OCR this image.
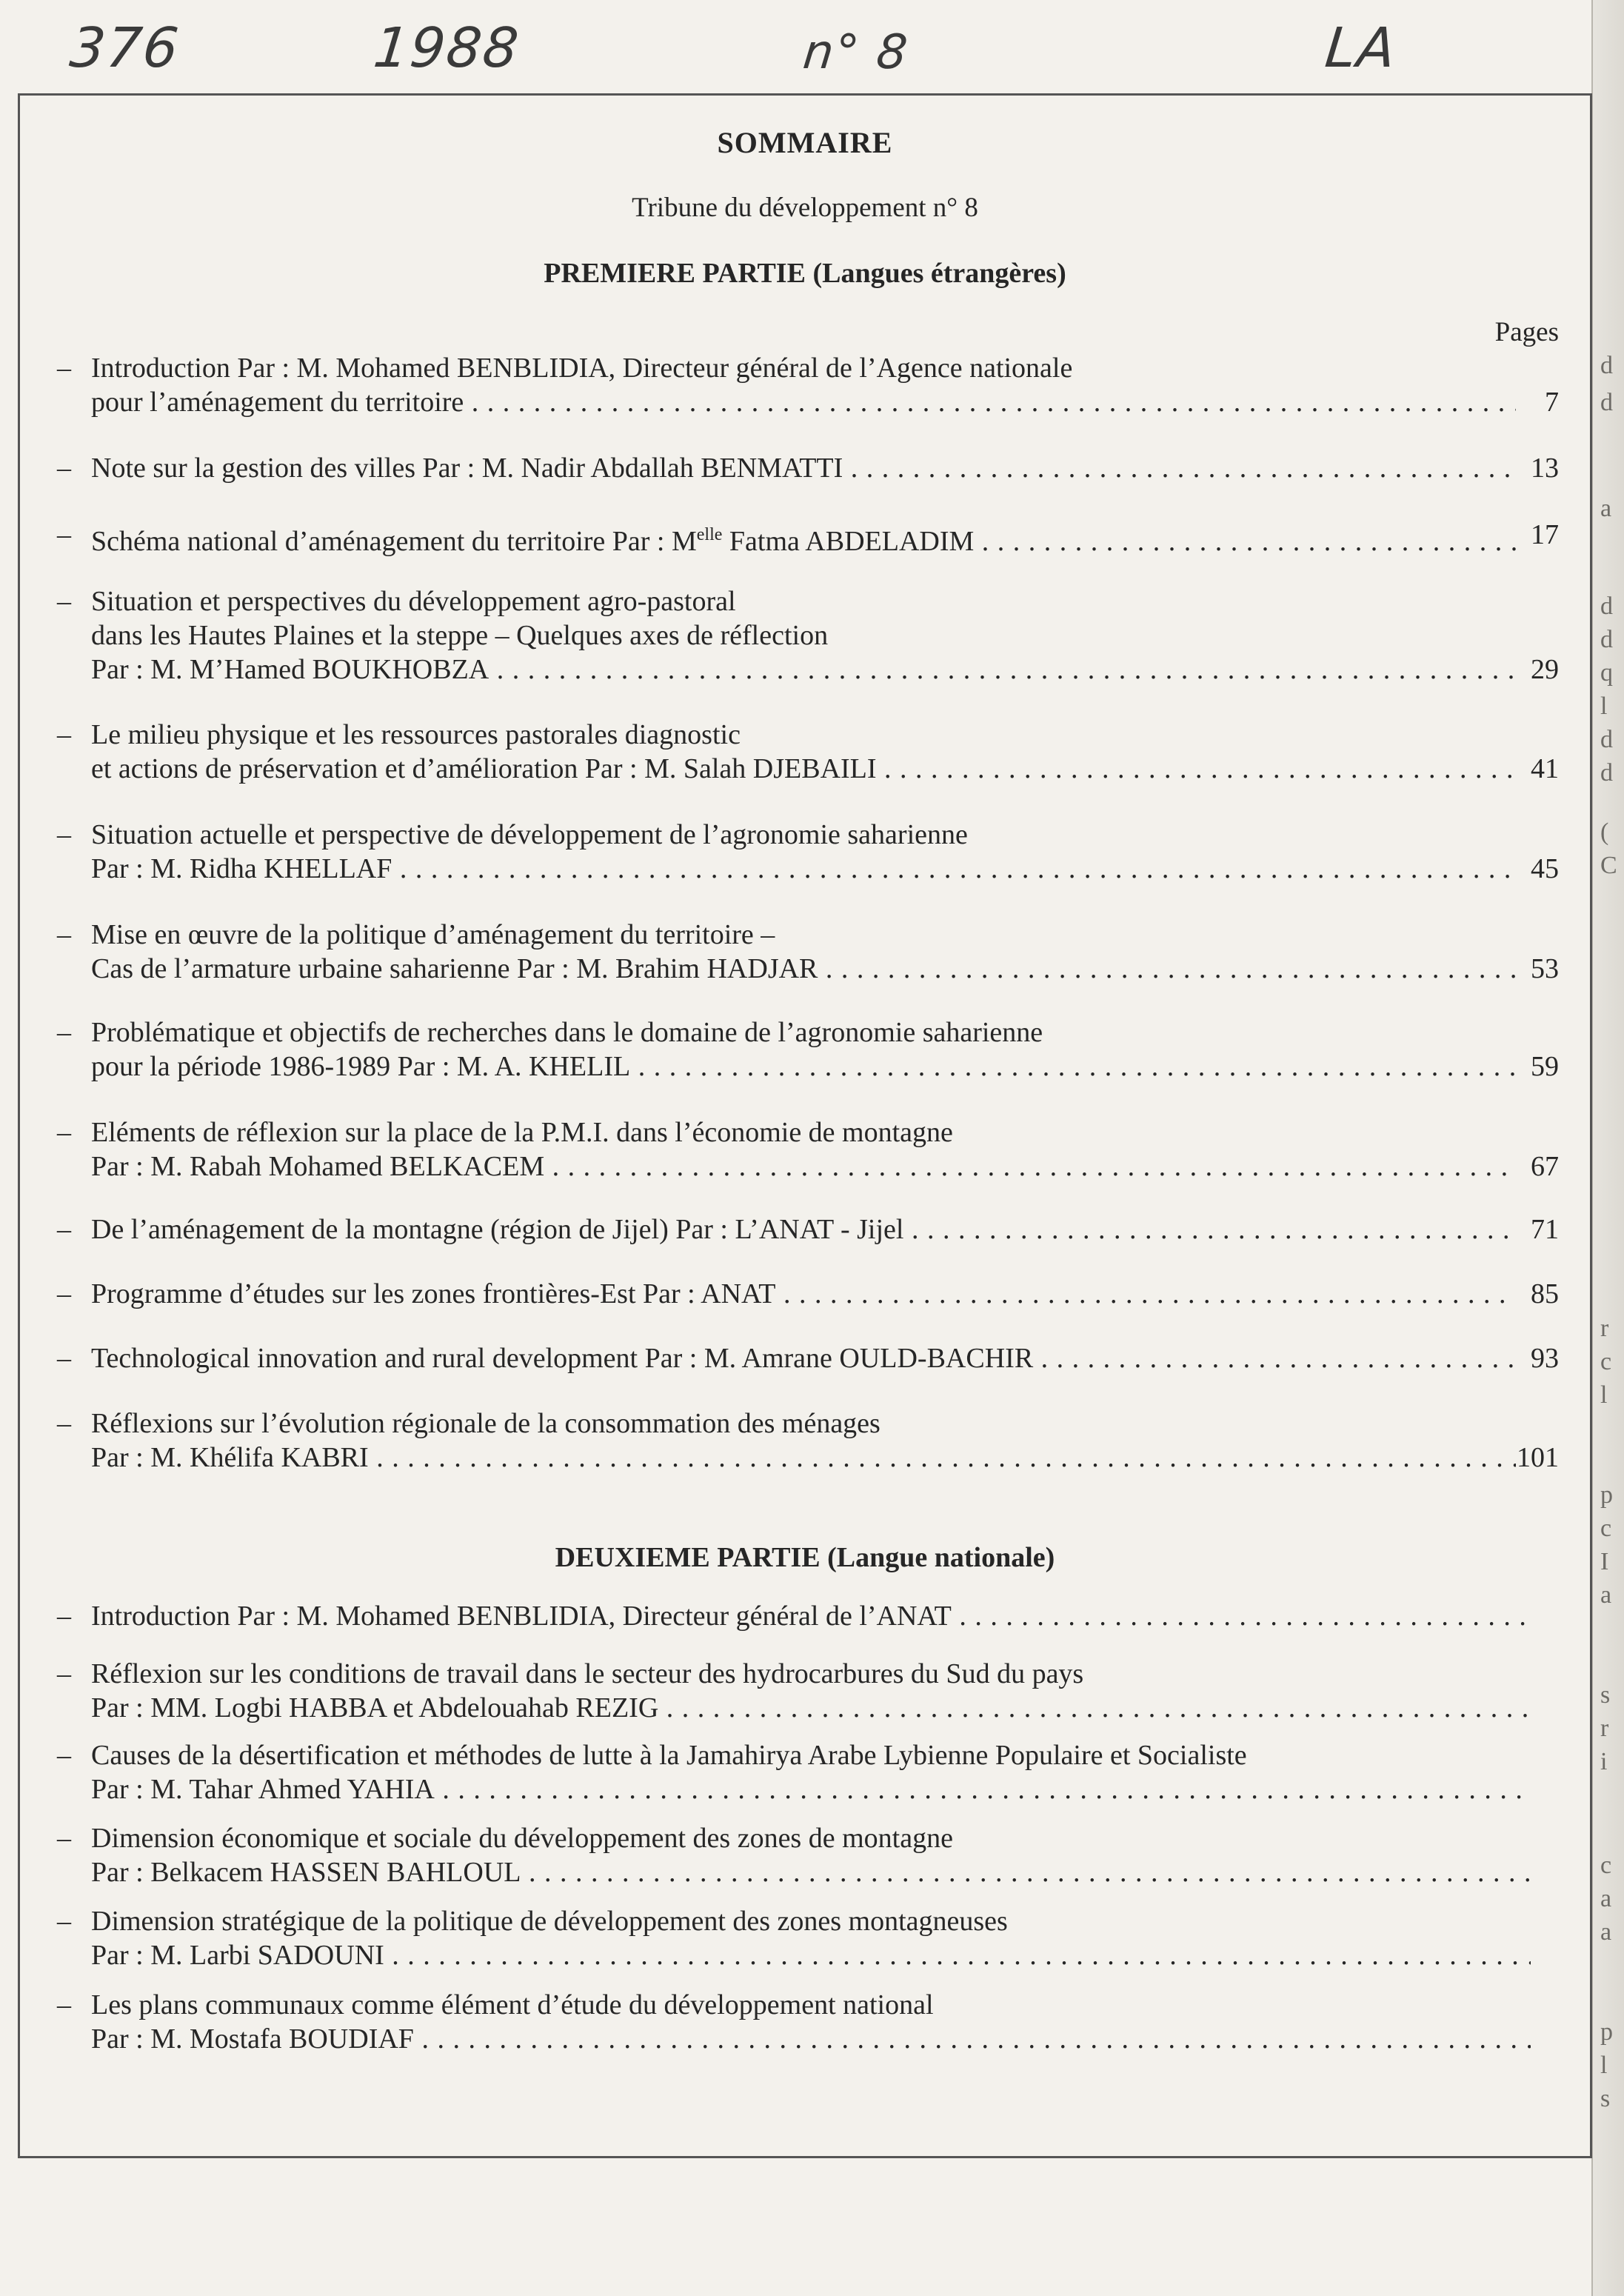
376	1988	n° 8	LA
d
d
a
d
d
q
l
d
d
(
C
r
c
l
p
c
I
a
s
r
i
c
a
a
p
l
s
SOMMAIRE
Tribune du développement n° 8
PREMIERE PARTIE (Langues étrangères)
Pages
– Introduction Par : M. Mohamed BENBLIDIA, Directeur général de l’Agence nationale
pour l’aménagement du territoire . . .	7
– Note sur la gestion des villes Par : M. Nadir Abdallah BENMATTI . . .	13
– Schéma national d’aménagement du territoire Par : $M^{elle}$ Fatma ABDELADIM . . .	17
– Situation et perspectives du développement agro-pastoral
dans les Hautes Plaines et la steppe – Quelques axes de réflection
Par : M. M’Hamed BOUKHOBZA . . .	29
– Le milieu physique et les ressources pastorales diagnostic
et actions de préservation et d’amélioration Par : M. Salah DJEBAILI . . .	41
– Situation actuelle et perspective de développement de l’agronomie saharienne
Par : M. Ridha KHELLAF . . .	45
– Mise en œuvre de la politique d’aménagement du territoire –
Cas de l’armature urbaine saharienne Par : M. Brahim HADJAR . . .	53
– Problématique et objectifs de recherches dans le domaine de l’agronomie saharienne
pour la période 1986-1989 Par : M. A. KHELIL . . .	59
– Eléments de réflexion sur la place de la P.M.I. dans l’économie de montagne
Par : M. Rabah Mohamed BELKACEM . . .	67
– De l’aménagement de la montagne (région de Jijel) Par : L’ANAT - Jijel . . .	71
– Programme d’études sur les zones frontières-Est Par : ANAT . . .	85
– Technological innovation and rural development Par : M. Amrane OULD-BACHIR . . .	93
– Réflexions sur l’évolution régionale de la consommation des ménages
Par : M. Khélifa KABRI . . .	101
DEUXIEME PARTIE (Langue nationale)
– Introduction Par : M. Mohamed BENBLIDIA, Directeur général de l’ANAT . . .
– Réflexion sur les conditions de travail dans le secteur des hydrocarbures du Sud du pays
Par : MM. Logbi HABBA et Abdelouahab REZIG . . .
– Causes de la désertification et méthodes de lutte à la Jamahirya Arabe Lybienne Populaire et Socialiste
Par : M. Tahar Ahmed YAHIA . . .
– Dimension économique et sociale du développement des zones de montagne
Par : Belkacem HASSEN BAHLOUL . . .
– Dimension stratégique de la politique de développement des zones montagneuses
Par : M. Larbi SADOUNI . . .
– Les plans communaux comme élément d’étude du développement national
Par : M. Mostafa BOUDIAF . . .
